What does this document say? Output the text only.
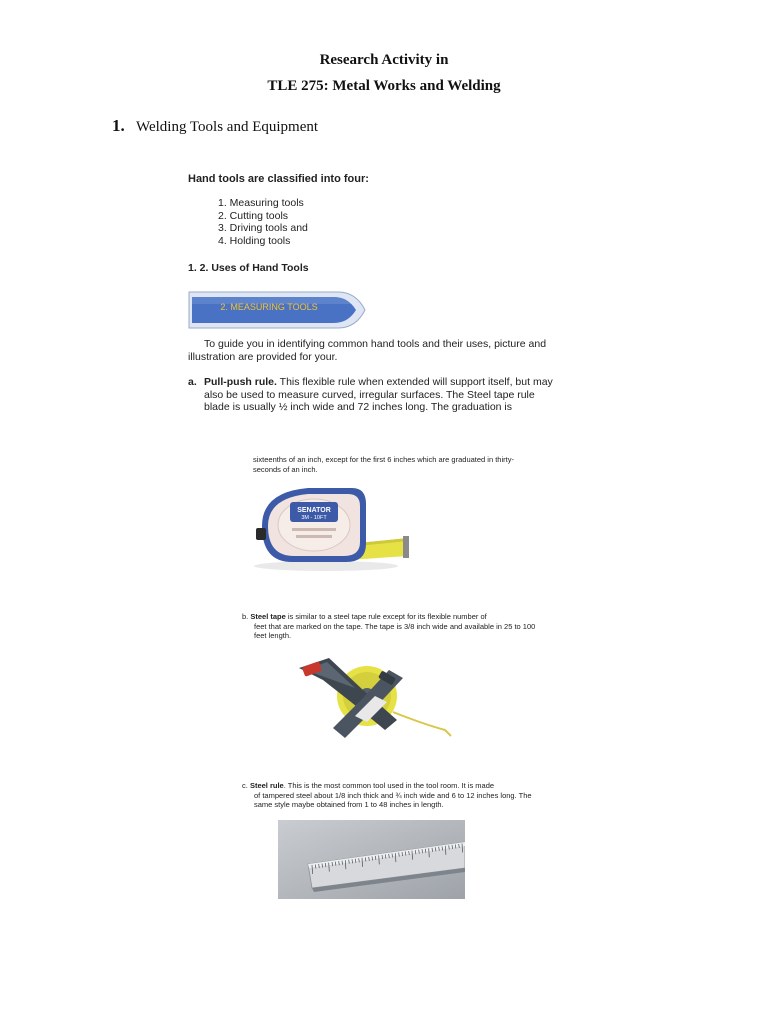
Research Activity in
TLE 275: Metal Works and Welding
1. Welding Tools and Equipment
Hand tools are classified into four:
1. Measuring tools
2. Cutting tools
3. Driving tools and
4. Holding tools
1. 2. Uses of Hand Tools
2. MEASURING TOOLS
To guide you in identifying common hand tools and their uses, picture and illustration are provided for your.
a. Pull-push rule. This flexible rule when extended will support itself, but may also be used to measure curved, irregular surfaces. The Steel tape rule blade is usually ½ inch wide and 72 inches long. The graduation is
sixteenths of an inch, except for the first 6 inches which are graduated in thirty-seconds of an inch.
SENATOR
3M - 10FT
b. Steel tape is similar to a steel tape rule except for its flexible number of
feet that are marked on the tape. The tape is 3/8 inch wide and available in 25 to 100 feet length.
c. Steel rule. This is the most common tool used in the tool room. It is made
of tampered steel about 1/8 inch thick and ¾ inch wide and 6 to 12 inches long. The same style maybe obtained from 1 to 48 inches in length.
